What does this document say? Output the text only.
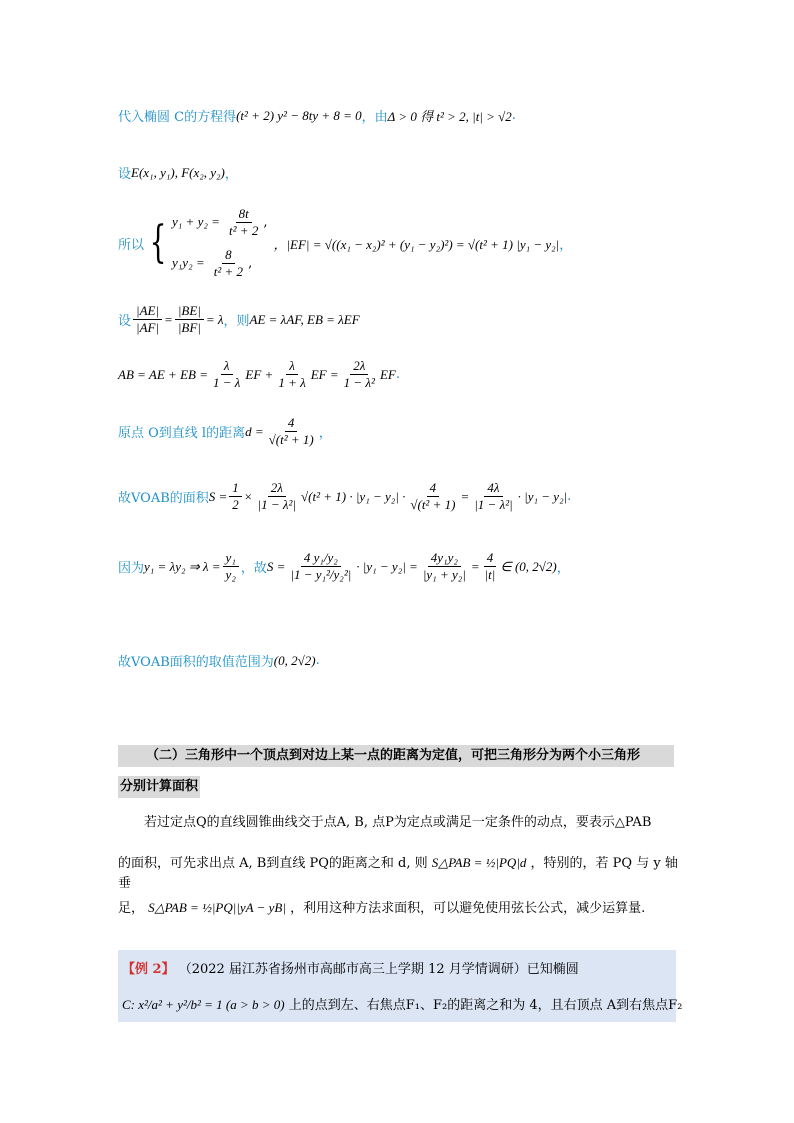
代入椭圆 C的方程得 (t² + 2) y² − 8ty + 8 = 0 ，由 Δ > 0 得 t² > 2, |t| > √2 .
设 E(x₁, y₁), F(x₂, y₂) ，
所以 { $y_1 + y_2 = \frac{8t}{\text{t² + 2}}$ ,
$y_1y_2 = \frac{8}{\text{t² + 2}}$ ,
，|EF| = √((x₁ − x₂)² + (y₁ − y₂)²) = √(t² + 1) |y₁ − y₂| ，
设 $\frac{|AE|}{|AF|} = \frac{|BE|}{|BF|} = \lambda$ ，则 AE = λAF, EB = λEF
AB = AE + EB = $\frac{\lambda}{1 - \lambda}$ EF + $\frac{\lambda}{1 + \lambda}$ EF = $\frac{2\lambda}{\text{1 − λ²}}$ EF .
原点 O到直线 l的距离 $d = \frac{4}{\text{√(t² + 1)}}$ ，
故VOAB的面积 $S = \frac{1}{2} \times \frac{2\lambda}{\text{|1 − λ²|}} √(t^2 + 1) \cdot |y_1 - y_2| \cdot \frac{4}{\text{√(t² + 1)}} = \frac{4\lambda}{\text{|1 − λ²|}} \cdot |y_1 - y_2|$ .
因为 y₁ = λy₂ ⇒ $\lambda = \frac{\text{y₁}}{\text{y₂}}$ ，故 $S = \frac{\text{4 y₁/y₂}}{\text{|1 − y₁²/y₂²|}} \cdot |y_1 - y_2| = \frac{\text{4y₁y₂}}{\text{|y₁ + y₂|}} = \frac{4}{|t|}$ ∈ (0, 2√2) ，
故VOAB面积的取值范围为 (0, 2√2) .
（二）三角形中一个顶点到对边上某一点的距离为定值，可把三角形分为两个小三角形
分别计算面积
若过定点Q的直线圆锥曲线交于点A, B, 点P为定点或满足一定条件的动点，要表示△PAB
的面积，可先求出点 A, B到直线 PQ的距离之和 d, 则 S△PAB = ½|PQ|d ，特别的，若 PQ 与 y 轴垂
足， S△PAB = ½|PQ||yA − yB| ，利用这种方法求面积，可以避免使用弦长公式，减少运算量.
【例 2】 （2022 届江苏省扬州市高邮市高三上学期 12 月学情调研）已知椭圆
C: x²/a² + y²/b² = 1 (a > b > 0) 上的点到左、右焦点F₁、F₂的距离之和为 4，且右顶点 A到右焦点F₂
